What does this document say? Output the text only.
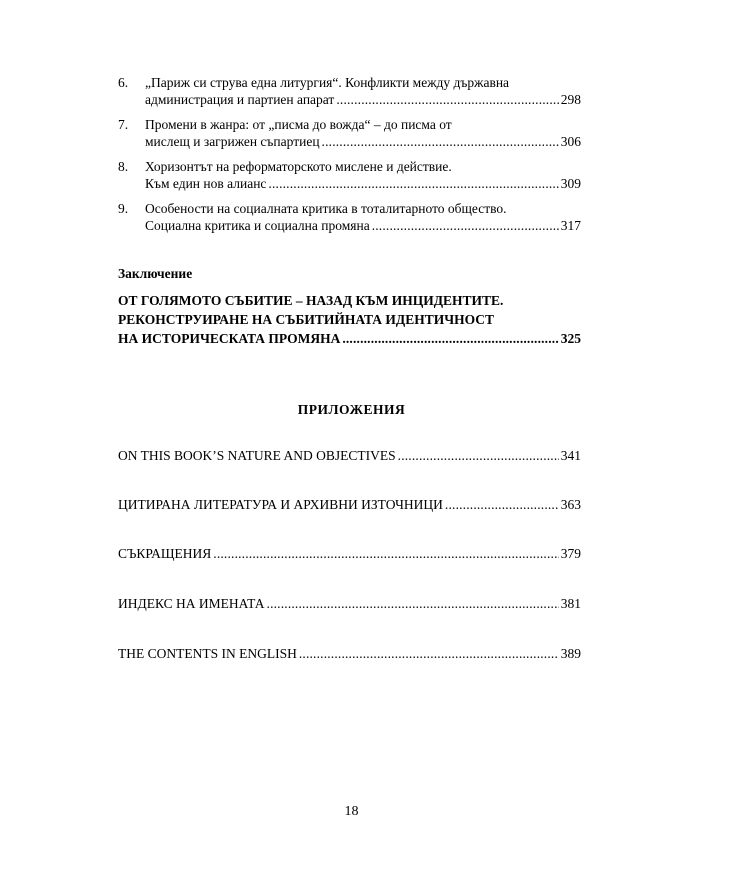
6.	„Париж си струва една литургия“. Конфликти между държавна
администрация и партиен апарат . . .	298
7.	Промени в жанра: от „писма до вожда“ – до писма от
мислещ и загрижен съпартиец . . .	306
8.	Хоризонтът на реформаторското мислене и действие.
Към един нов алианс . . .	309
9.	Особености на социалната критика в тоталитарното общество.
Социална критика и социална промяна . . .	317
Заключение
ОТ ГОЛЯМОТО СЪБИТИЕ – НАЗАД КЪМ ИНЦИДЕНТИТЕ.
РЕКОНСТРУИРАНЕ НА СЪБИТИЙНАТА ИДЕНТИЧНОСТ
НА ИСТОРИЧЕСКАТА ПРОМЯНА . . .	325
ПРИЛОЖЕНИЯ
ON THIS BOOK’S NATURE AND OBJECTIVES . . .	341
ЦИТИРАНА ЛИТЕРАТУРА И АРХИВНИ ИЗТОЧНИЦИ . . .	363
СЪКРАЩЕНИЯ . . .	379
ИНДЕКС НА ИМЕНАТА . . .	381
THE CONTENTS IN ENGLISH . . .	389
18
